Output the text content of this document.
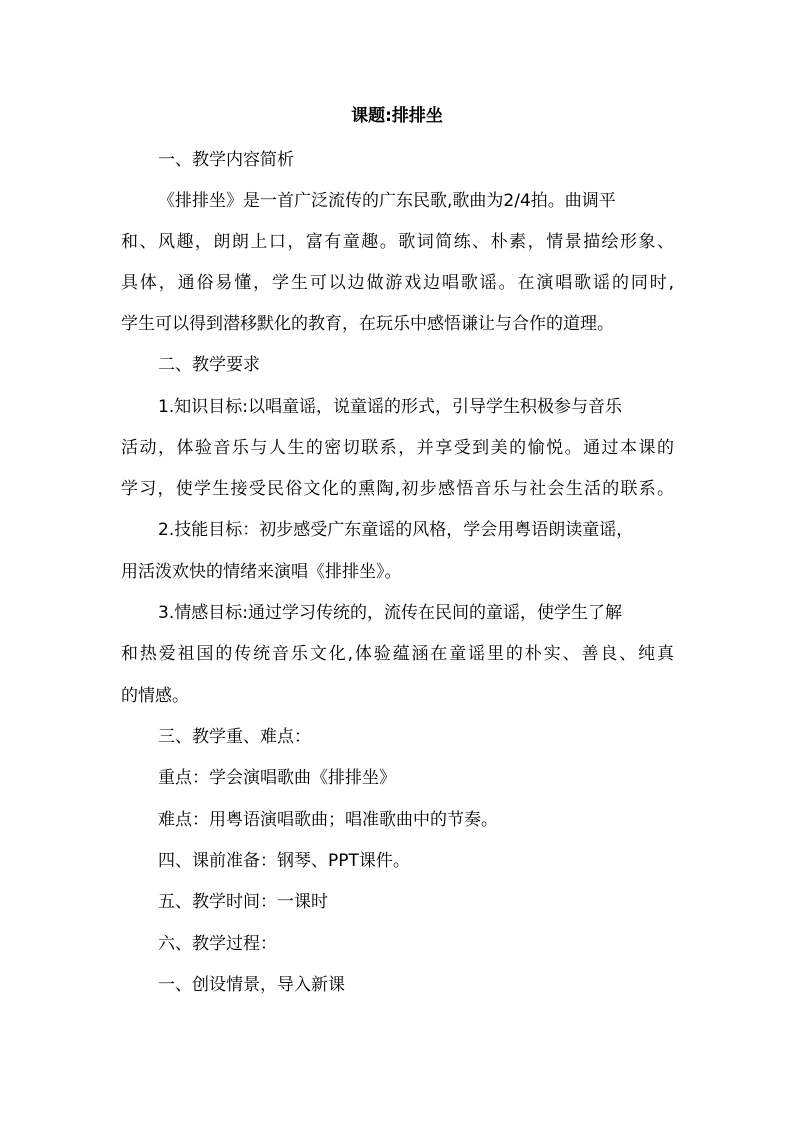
课题:排排坐
一、教学内容简析
《排排坐》是一首广泛流传的广东民歌,歌曲为2/4拍。曲调平
和、风趣，朗朗上口，富有童趣。歌词简练、朴素，情景描绘形象、
具体，通俗易懂，学生可以边做游戏边唱歌谣。在演唱歌谣的同时,
学生可以得到潜移默化的教育，在玩乐中感悟谦让与合作的道理。
二、教学要求
1.知识目标:以唱童谣，说童谣的形式，引导学生积极参与音乐
活动，体验音乐与人生的密切联系，并享受到美的愉悦。通过本课的
学习，使学生接受民俗文化的熏陶,初步感悟音乐与社会生活的联系。
2.技能目标：初步感受广东童谣的风格，学会用粤语朗读童谣，
用活泼欢快的情绪来演唱《排排坐》。
3.情感目标:通过学习传统的，流传在民间的童谣，使学生了解
和热爱祖国的传统音乐文化,体验蕴涵在童谣里的朴实、善良、纯真
的情感。
三、教学重、难点：
重点：学会演唱歌曲《排排坐》
难点：用粤语演唱歌曲；唱准歌曲中的节奏。
四、课前准备：钢琴、PPT课件。
五、教学时间：一课时
六、教学过程：
一、创设情景，导入新课
